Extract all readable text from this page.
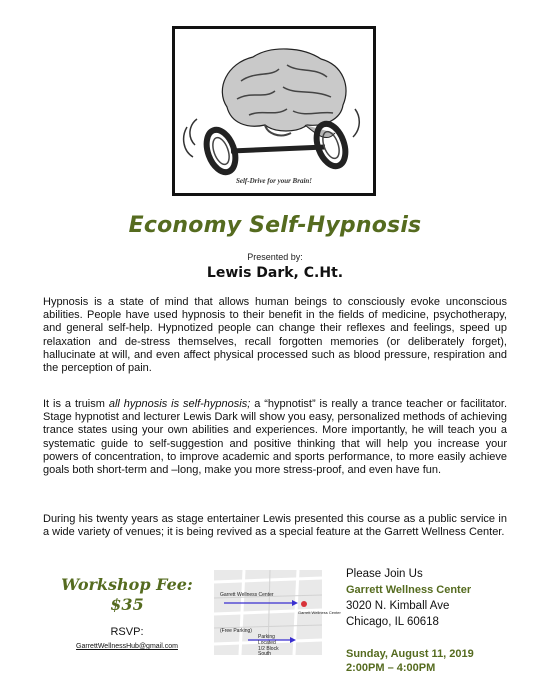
Self-Drive for your Brain!
Economy Self-Hypnosis
Presented by:
Lewis Dark, C.Ht.

Hypnosis is a state of mind that allows human beings to consciously evoke unconscious abilities. People have used hypnosis to their benefit in the fields of medicine, psychotherapy, and general self-help. Hypnotized people can change their reflexes and feelings, speed up relaxation and de-stress themselves, recall forgotten memories (or deliberately forget), hallucinate at will, and even affect physical processed such as blood pressure, respiration and the perception of pain.

It is a truism all hypnosis is self-hypnosis; a “hypnotist” is really a trance teacher or facilitator. Stage hypnotist and lecturer Lewis Dark will show you easy, personalized methods of achieving trance states using your own abilities and experiences. More importantly, he will teach you a systematic guide to self-suggestion and positive thinking that will help you increase your powers of concentration, to improve academic and sports performance, to more easily achieve goals both short-term and –long, make you more stress-proof, and even have fun.

During his twenty years as stage entertainer Lewis presented this course as a public service in a wide variety of venues; it is being revived as a special feature at the Garrett Wellness Center.

Workshop Fee:
$35
RSVP:
GarrettWellnessHub@gmail.com
Garrett Wellness Center
Garrett Wellness Center
(Free Parking)
Parking
Located
1/2 Block
South
Please Join Us
Garrett Wellness Center
3020 N. Kimball Ave
Chicago, IL 60618
Sunday, August 11, 2019
2:00PM – 4:00PM
